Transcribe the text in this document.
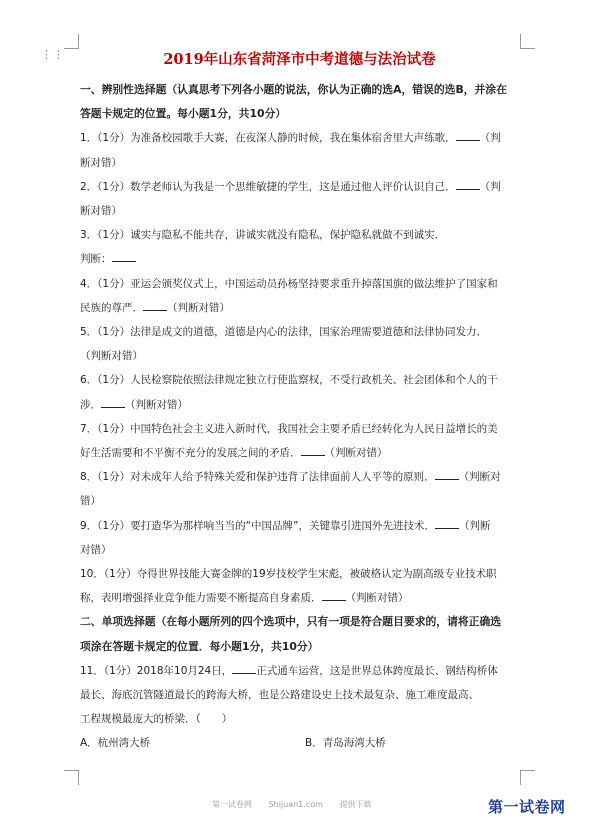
⋮⋮	2019年山东省菏泽市中考道德与法治试卷

一、辨别性选择题（认真思考下列各小题的说法，你认为正确的选A，错误的选B，并涂在

答题卡规定的位置。每小题1分，共10分）

1．（1分）为准备校园歌手大赛，在夜深人静的时候，我在集体宿舍里大声练歌． （判

断对错）

2．（1分）数学老师认为我是一个思维敏捷的学生，这是通过他人评价认识自己． （判

断对错）

3．（1分）诚实与隐私不能共存，讲诚实就没有隐私，保护隐私就做不到诚实．

判断：

4．（1分）亚运会颁奖仪式上，中国运动员孙杨坚持要求重升掉落国旗的做法维护了国家和

民族的尊严． （判断对错）

5．（1分）法律是成文的道德，道德是内心的法律，国家治理需要道德和法律协同发力．

（判断对错）

6．（1分）人民检察院依照法律规定独立行使监察权，不受行政机关、社会团体和个人的干

涉． （判断对错）

7．（1分）中国特色社会主义进入新时代，我国社会主要矛盾已经转化为人民日益增长的美

好生活需要和不平衡不充分的发展之间的矛盾． （判断对错）

8．（1分）对未成年人给予特殊关爱和保护违背了法律面前人人平等的原则． （判断对

错）

9．（1分）要打造华为那样响当当的“中国品牌”，关键靠引进国外先进技术． （判断

对错）

10．（1分）夺得世界技能大赛金牌的19岁技校学生宋彪，被破格认定为副高级专业技术职

称，表明增强择业竞争能力需要不断提高自身素质． （判断对错）

二、单项选择题（在每小题所列的四个选项中，只有一项是符合题目要求的，请将正确选

项涂在答题卡规定的位置．每小题1分，共10分）

11．（1分）2018年10月24日， 正式通车运营，这是世界总体跨度最长、钢结构桥体

最长、海底沉管隧道最长的跨海大桥，也是公路建设史上技术最复杂、施工难度最高、

工程规模最庞大的桥梁．（　　）

A．杭州湾大桥	B．青岛海湾大桥

第一试卷网 Shijuan1.com 提供下载	第一试卷网
